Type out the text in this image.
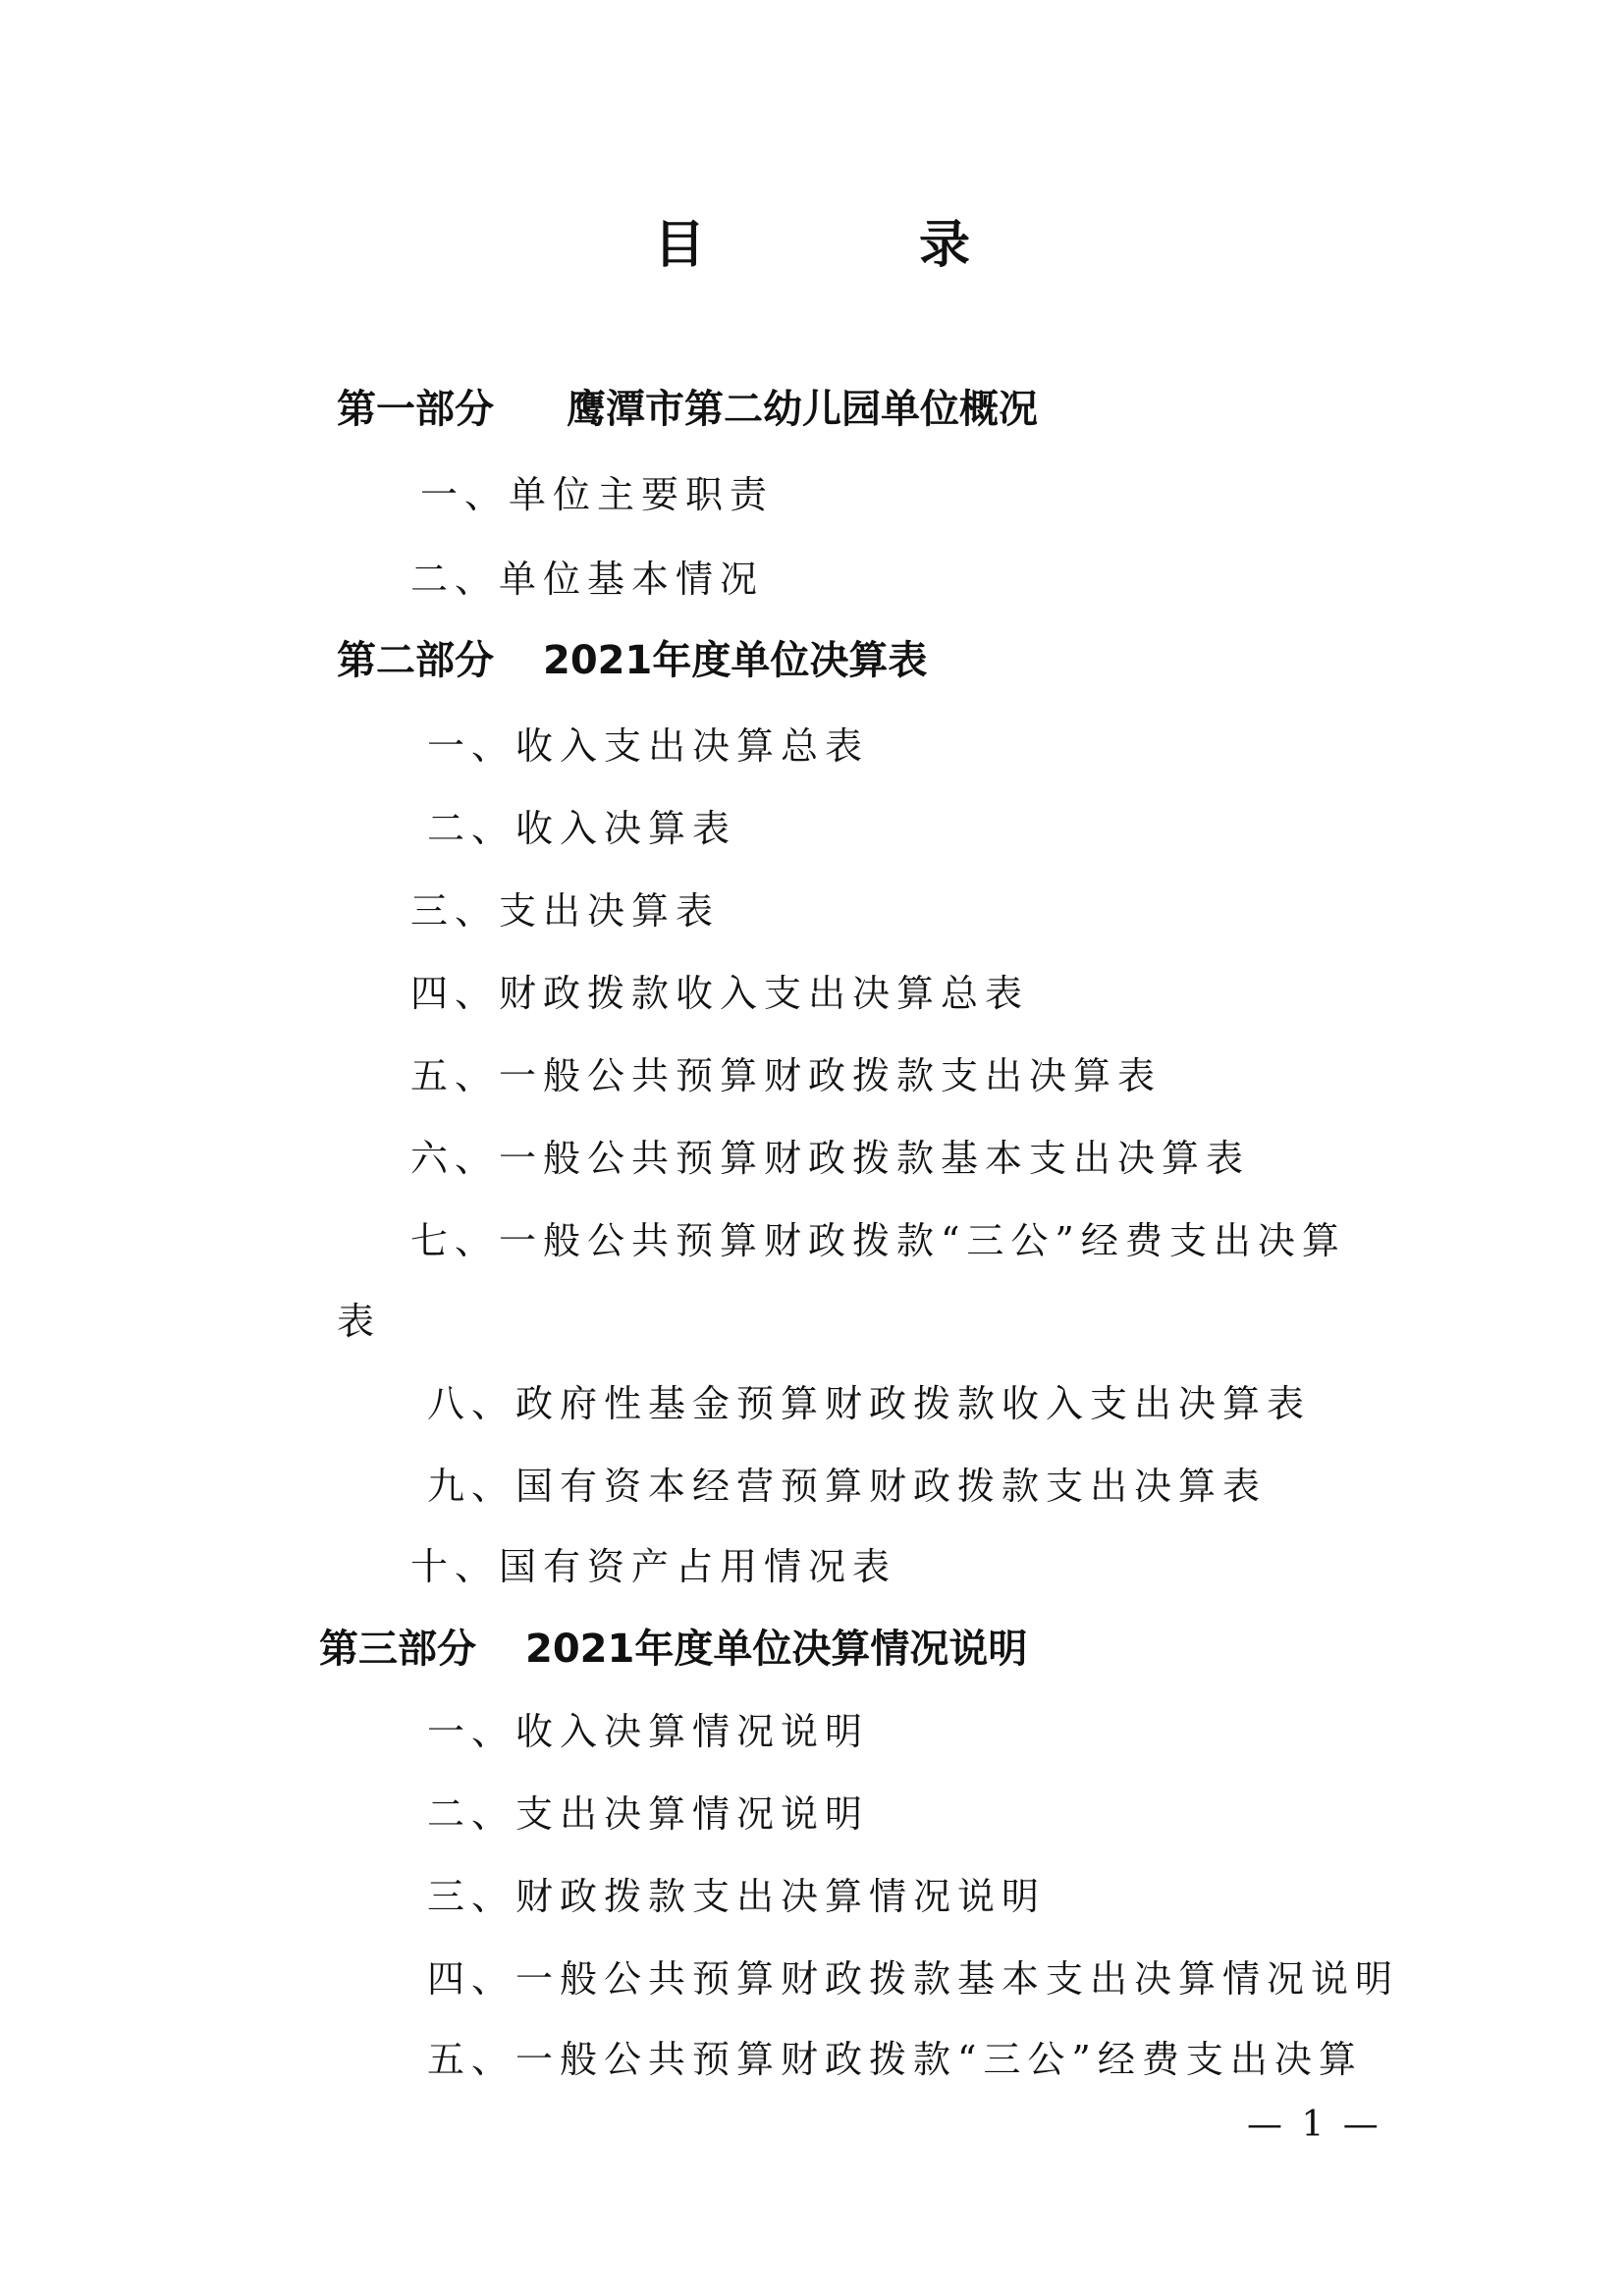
目 录
第一部分 鹰潭市第二幼儿园单位概况
一、单位主要职责
二、单位基本情况
第二部分 2021年度单位决算表
一、收入支出决算总表
二、收入决算表
三、支出决算表
四、财政拨款收入支出决算总表
五、一般公共预算财政拨款支出决算表
六、一般公共预算财政拨款基本支出决算表
七、一般公共预算财政拨款“三公”经费支出决算
表
八、政府性基金预算财政拨款收入支出决算表
九、国有资本经营预算财政拨款支出决算表
十、国有资产占用情况表
第三部分 2021年度单位决算情况说明
一、收入决算情况说明
二、支出决算情况说明
三、财政拨款支出决算情况说明
四、一般公共预算财政拨款基本支出决算情况说明
五、一般公共预算财政拨款“三公”经费支出决算
— 1 —
